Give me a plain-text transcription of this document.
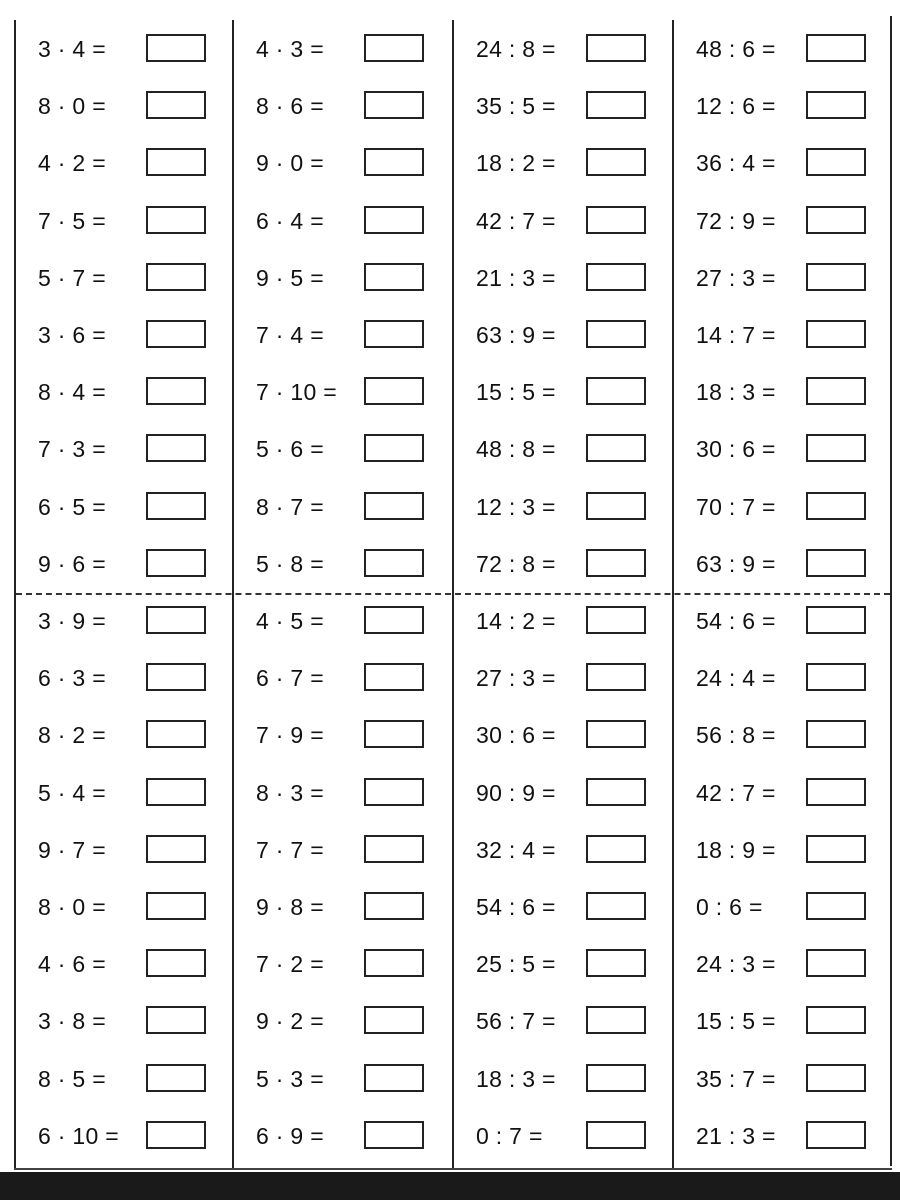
3 · 4 =
8 · 0 =
4 · 2 =
7 · 5 =
5 · 7 =
3 · 6 =
8 · 4 =
7 · 3 =
6 · 5 =
9 · 6 =
3 · 9 =
6 · 3 =
8 · 2 =
5 · 4 =
9 · 7 =
8 · 0 =
4 · 6 =
3 · 8 =
8 · 5 =
6 · 10 =
4 · 3 =
8 · 6 =
9 · 0 =
6 · 4 =
9 · 5 =
7 · 4 =
7 · 10 =
5 · 6 =
8 · 7 =
5 · 8 =
4 · 5 =
6 · 7 =
7 · 9 =
8 · 3 =
7 · 7 =
9 · 8 =
7 · 2 =
9 · 2 =
5 · 3 =
6 · 9 =
24 : 8 =
35 : 5 =
18 : 2 =
42 : 7 =
21 : 3 =
63 : 9 =
15 : 5 =
48 : 8 =
12 : 3 =
72 : 8 =
14 : 2 =
27 : 3 =
30 : 6 =
90 : 9 =
32 : 4 =
54 : 6 =
25 : 5 =
56 : 7 =
18 : 3 =
0 : 7 =
48 : 6 =
12 : 6 =
36 : 4 =
72 : 9 =
27 : 3 =
14 : 7 =
18 : 3 =
30 : 6 =
70 : 7 =
63 : 9 =
54 : 6 =
24 : 4 =
56 : 8 =
42 : 7 =
18 : 9 =
0 : 6 =
24 : 3 =
15 : 5 =
35 : 7 =
21 : 3 =
